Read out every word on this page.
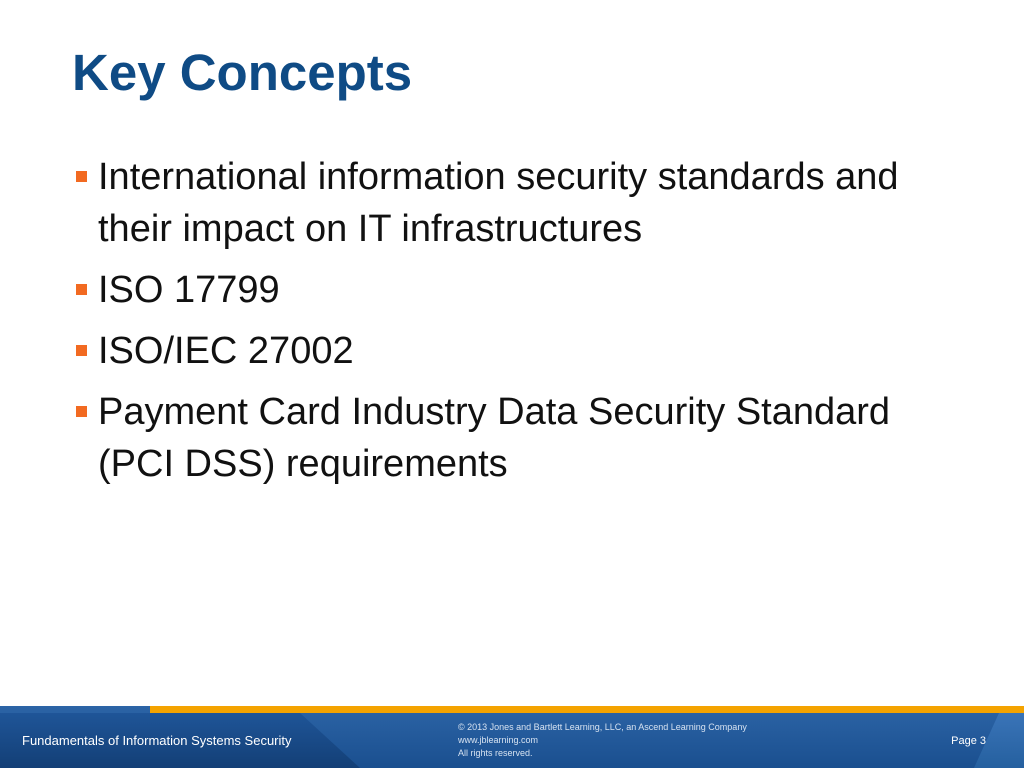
Key Concepts
International information security standards and their impact on IT infrastructures
ISO 17799
ISO/IEC 27002
Payment Card Industry Data Security Standard (PCI DSS) requirements
Fundamentals of Information Systems Security
© 2013 Jones and Bartlett Learning, LLC, an Ascend Learning Company
www.jblearning.com
All rights reserved.
Page 3
